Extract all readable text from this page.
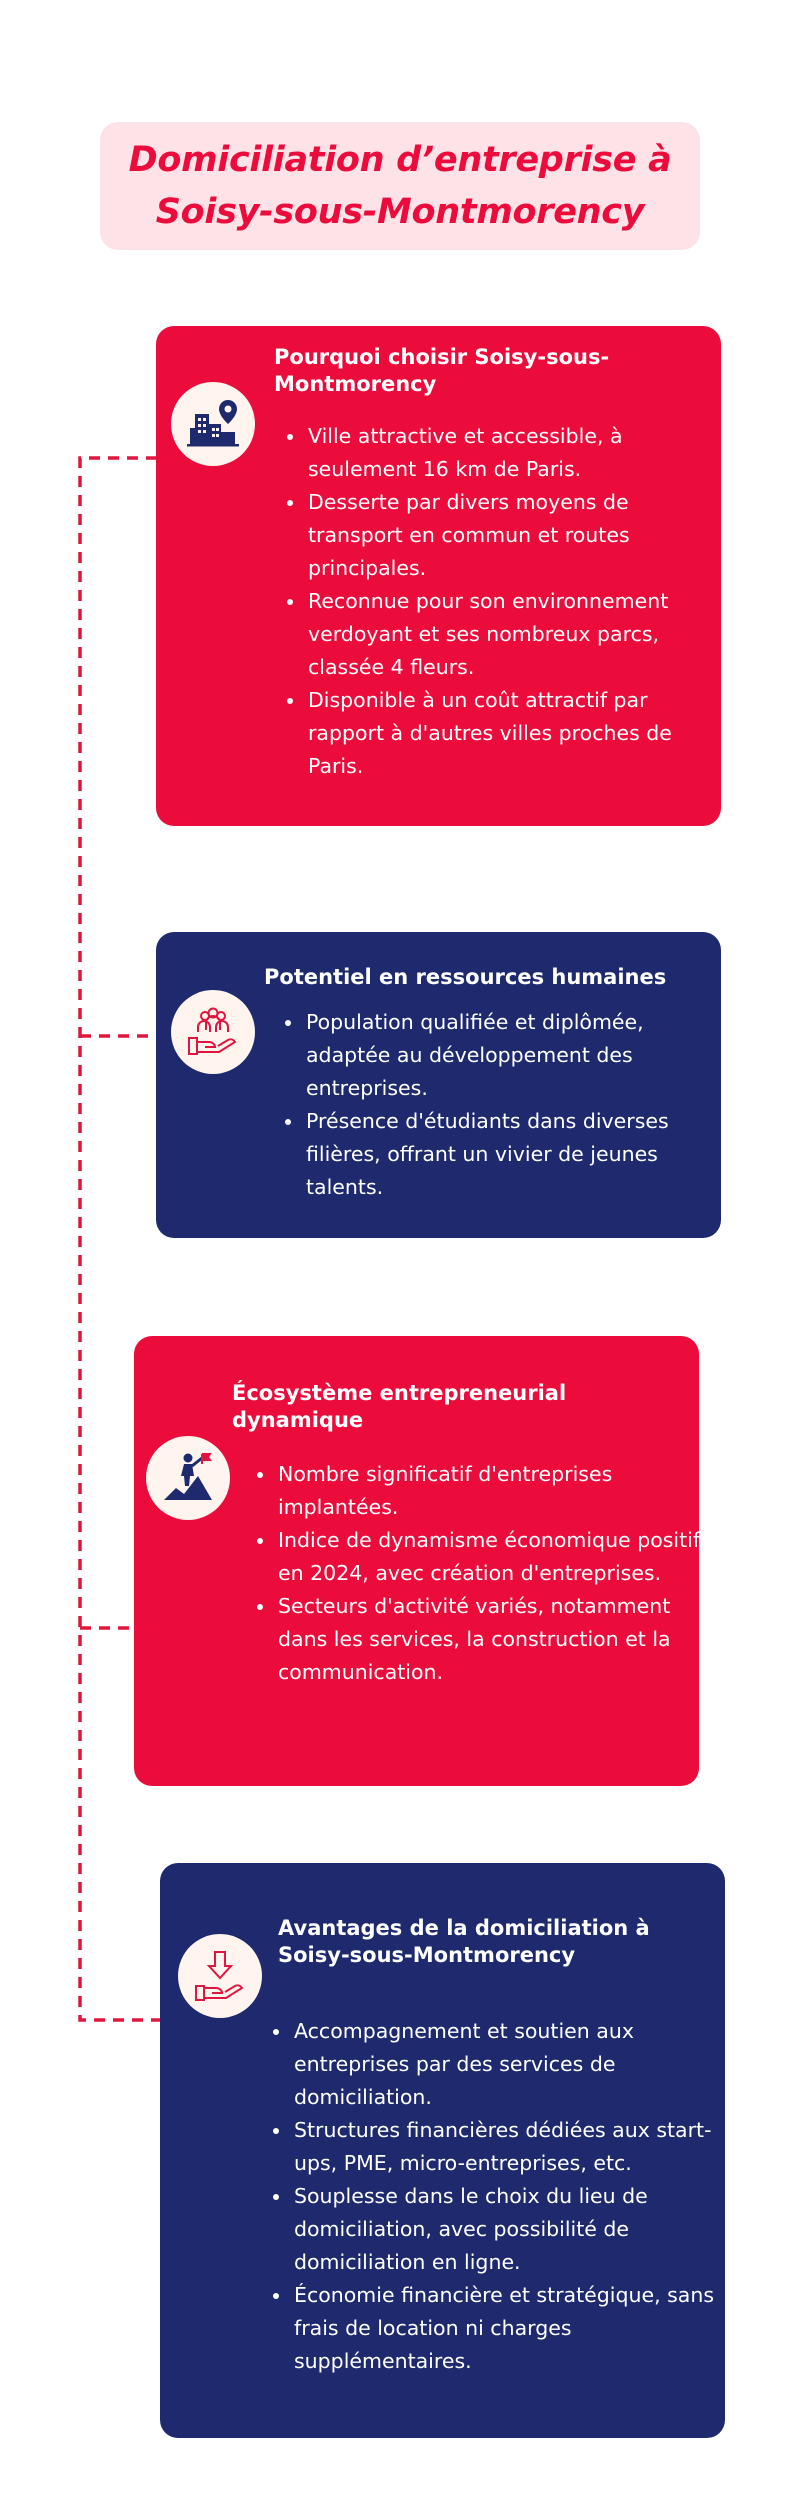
Domiciliation d’entreprise à
Soisy-sous-Montmorency
Pourquoi choisir Soisy-sous-Montmorency
• Ville attractive et accessible, à seulement 16 km de Paris.
• Desserte par divers moyens de transport en commun et routes principales.
• Reconnue pour son environnement verdoyant et ses nombreux parcs, classée 4 fleurs.
• Disponible à un coût attractif par rapport à d'autres villes proches de Paris.
Potentiel en ressources humaines
• Population qualifiée et diplômée, adaptée au développement des entreprises.
• Présence d'étudiants dans diverses filières, offrant un vivier de jeunes talents.
Écosystème entrepreneurial dynamique
• Nombre significatif d'entreprises implantées.
• Indice de dynamisme économique positif en 2024, avec création d'entreprises.
• Secteurs d'activité variés, notamment dans les services, la construction et la communication.
Avantages de la domiciliation à Soisy-sous-Montmorency
• Accompagnement et soutien aux entreprises par des services de domiciliation.
• Structures financières dédiées aux start-ups, PME, micro-entreprises, etc.
• Souplesse dans le choix du lieu de domiciliation, avec possibilité de domiciliation en ligne.
• Économie financière et stratégique, sans frais de location ni charges supplémentaires.
